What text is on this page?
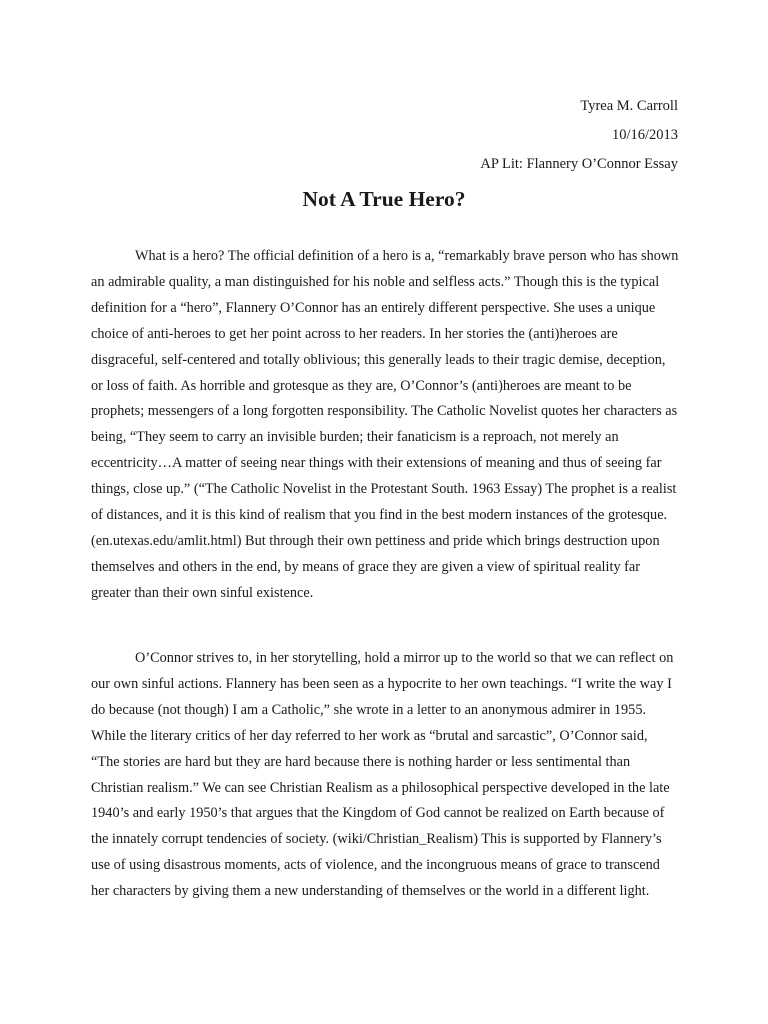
Tyrea M. Carroll
10/16/2013
AP Lit: Flannery O’Connor Essay
Not A True Hero?

What is a hero? The official definition of a hero is a, “remarkably brave person who has shown an admirable quality, a man distinguished for his noble and selfless acts.” Though this is the typical definition for a “hero”, Flannery O’Connor has an entirely different perspective. She uses a unique choice of anti-heroes to get her point across to her readers. In her stories the (anti)heroes are disgraceful, self-centered and totally oblivious; this generally leads to their tragic demise, deception, or loss of faith. As horrible and grotesque as they are, O’Connor’s (anti)heroes are meant to be prophets; messengers of a long forgotten responsibility. The Catholic Novelist quotes her characters as being, “They seem to carry an invisible burden; their fanaticism is a reproach, not merely an eccentricity…A matter of seeing near things with their extensions of meaning and thus of seeing far things, close up.” (“The Catholic Novelist in the Protestant South. 1963 Essay) The prophet is a realist of distances, and it is this kind of realism that you find in the best modern instances of the grotesque. (en.utexas.edu/amlit.html) But through their own pettiness and pride which brings destruction upon themselves and others in the end, by means of grace they are given a view of spiritual reality far greater than their own sinful existence.

O’Connor strives to, in her storytelling, hold a mirror up to the world so that we can reflect on our own sinful actions. Flannery has been seen as a hypocrite to her own teachings. “I write the way I do because (not though) I am a Catholic,” she wrote in a letter to an anonymous admirer in 1955. While the literary critics of her day referred to her work as “brutal and sarcastic”, O’Connor said, “The stories are hard but they are hard because there is nothing harder or less sentimental than Christian realism.” We can see Christian Realism as a philosophical perspective developed in the late 1940’s and early 1950’s that argues that the Kingdom of God cannot be realized on Earth because of the innately corrupt tendencies of society. (wiki/Christian_Realism) This is supported by Flannery’s use of using disastrous moments, acts of violence, and the incongruous means of grace to transcend her characters by giving them a new understanding of themselves or the world in a different light.
